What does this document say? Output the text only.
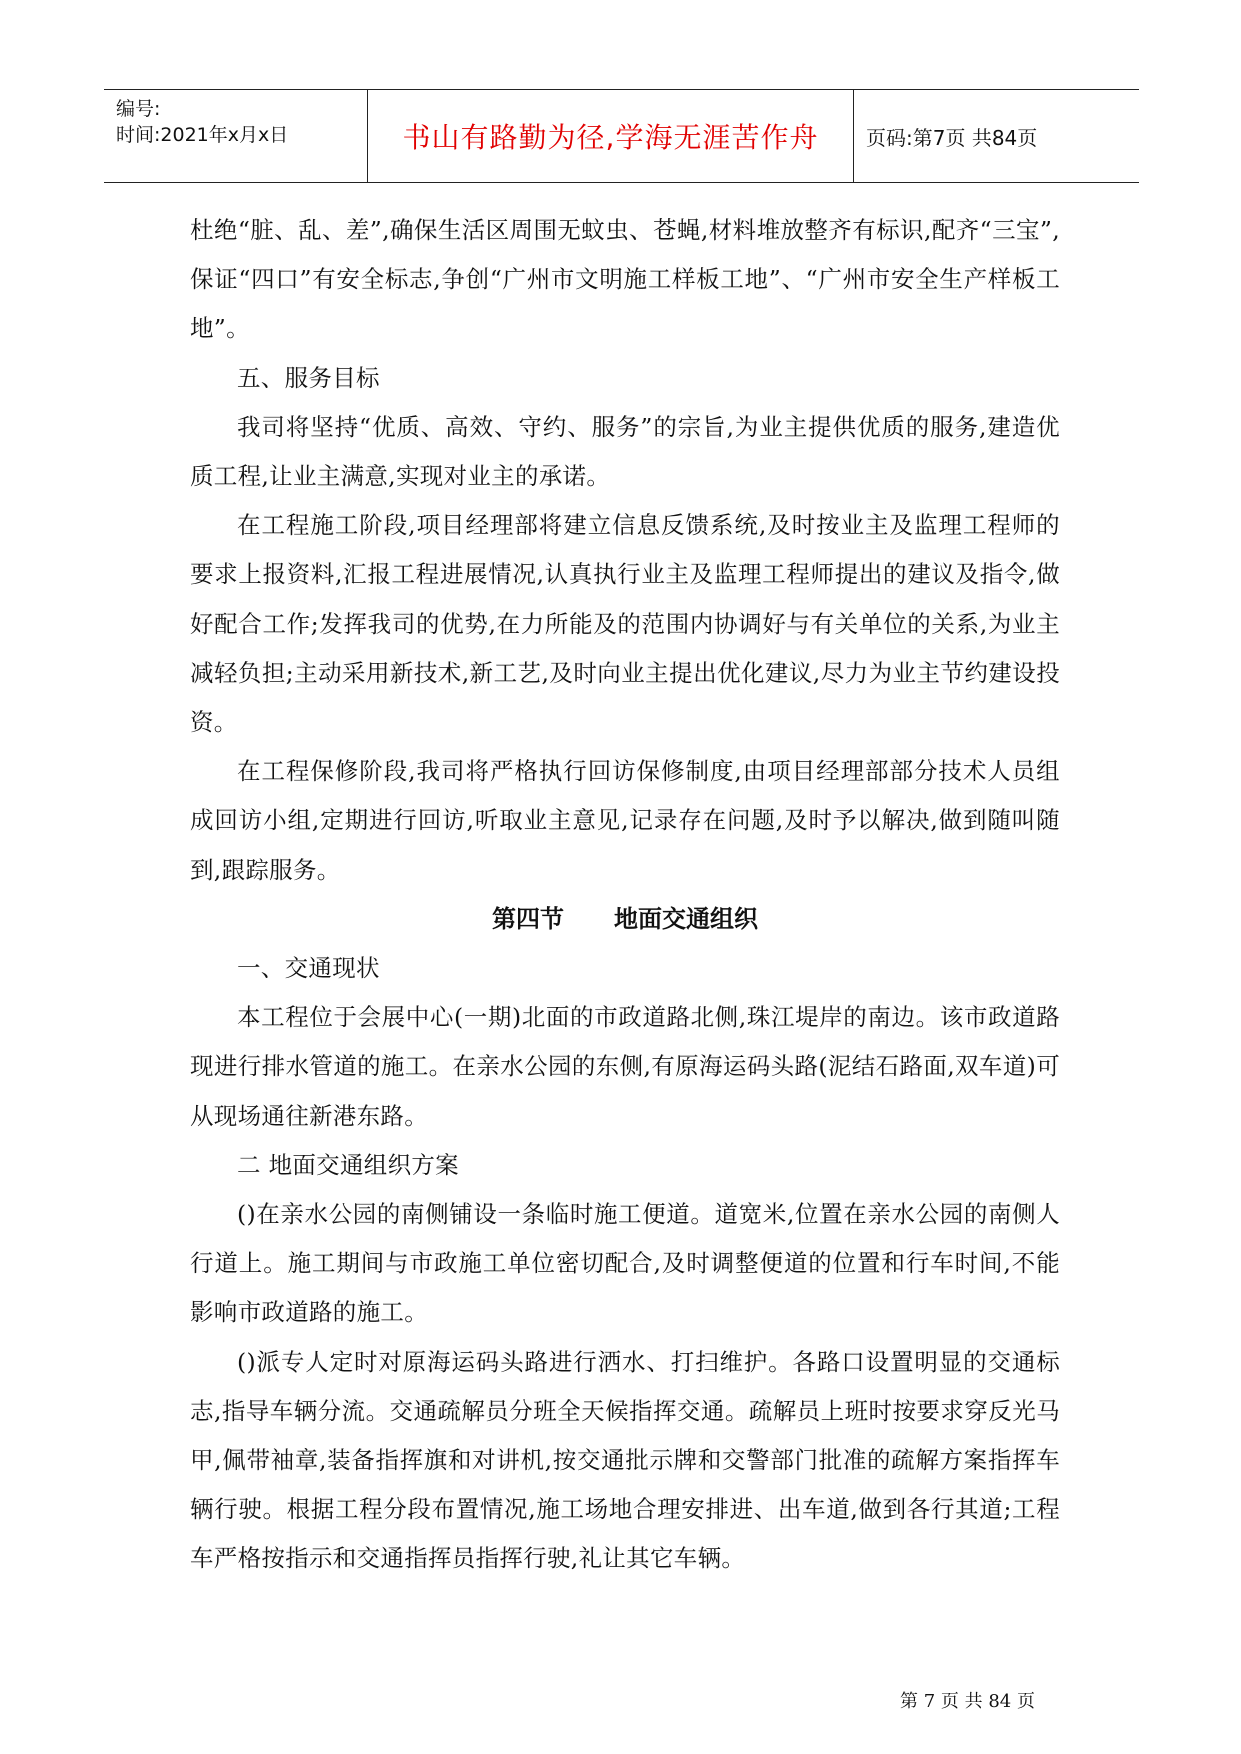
编号:
时间:2021年x月x日	书山有路勤为径,学海无涯苦作舟 页码:第7页 共84页

杜绝“脏、乱、差”,确保生活区周围无蚊虫、苍蝇,材料堆放整齐有标识,配齐“三宝”,保证“四口”有安全标志,争创“广州市文明施工样板工地”、“广州市安全生产样板工地”。

五、服务目标

我司将坚持“优质、高效、守约、服务”的宗旨,为业主提供优质的服务,建造优质工程,让业主满意,实现对业主的承诺。

在工程施工阶段,项目经理部将建立信息反馈系统,及时按业主及监理工程师的要求上报资料,汇报工程进展情况,认真执行业主及监理工程师提出的建议及指令,做好配合工作;发挥我司的优势,在力所能及的范围内协调好与有关单位的关系,为业主减轻负担;主动采用新技术,新工艺,及时向业主提出优化建议,尽力为业主节约建设投资。

在工程保修阶段,我司将严格执行回访保修制度,由项目经理部部分技术人员组成回访小组,定期进行回访,听取业主意见,记录存在问题,及时予以解决,做到随叫随到,跟踪服务。

第四节 地面交通组织

一、交通现状

本工程位于会展中心(一期)北面的市政道路北侧,珠江堤岸的南边。该市政道路现进行排水管道的施工。在亲水公园的东侧,有原海运码头路(泥结石路面,双车道)可从现场通往新港东路。

二 地面交通组织方案

()在亲水公园的南侧铺设一条临时施工便道。道宽米,位置在亲水公园的南侧人行道上。施工期间与市政施工单位密切配合,及时调整便道的位置和行车时间,不能影响市政道路的施工。

()派专人定时对原海运码头路进行洒水、打扫维护。各路口设置明显的交通标志,指导车辆分流。交通疏解员分班全天候指挥交通。疏解员上班时按要求穿反光马甲,佩带袖章,装备指挥旗和对讲机,按交通批示牌和交警部门批准的疏解方案指挥车辆行驶。根据工程分段布置情况,施工场地合理安排进、出车道,做到各行其道;工程车严格按指示和交通指挥员指挥行驶,礼让其它车辆。

第 7 页 共 84 页
